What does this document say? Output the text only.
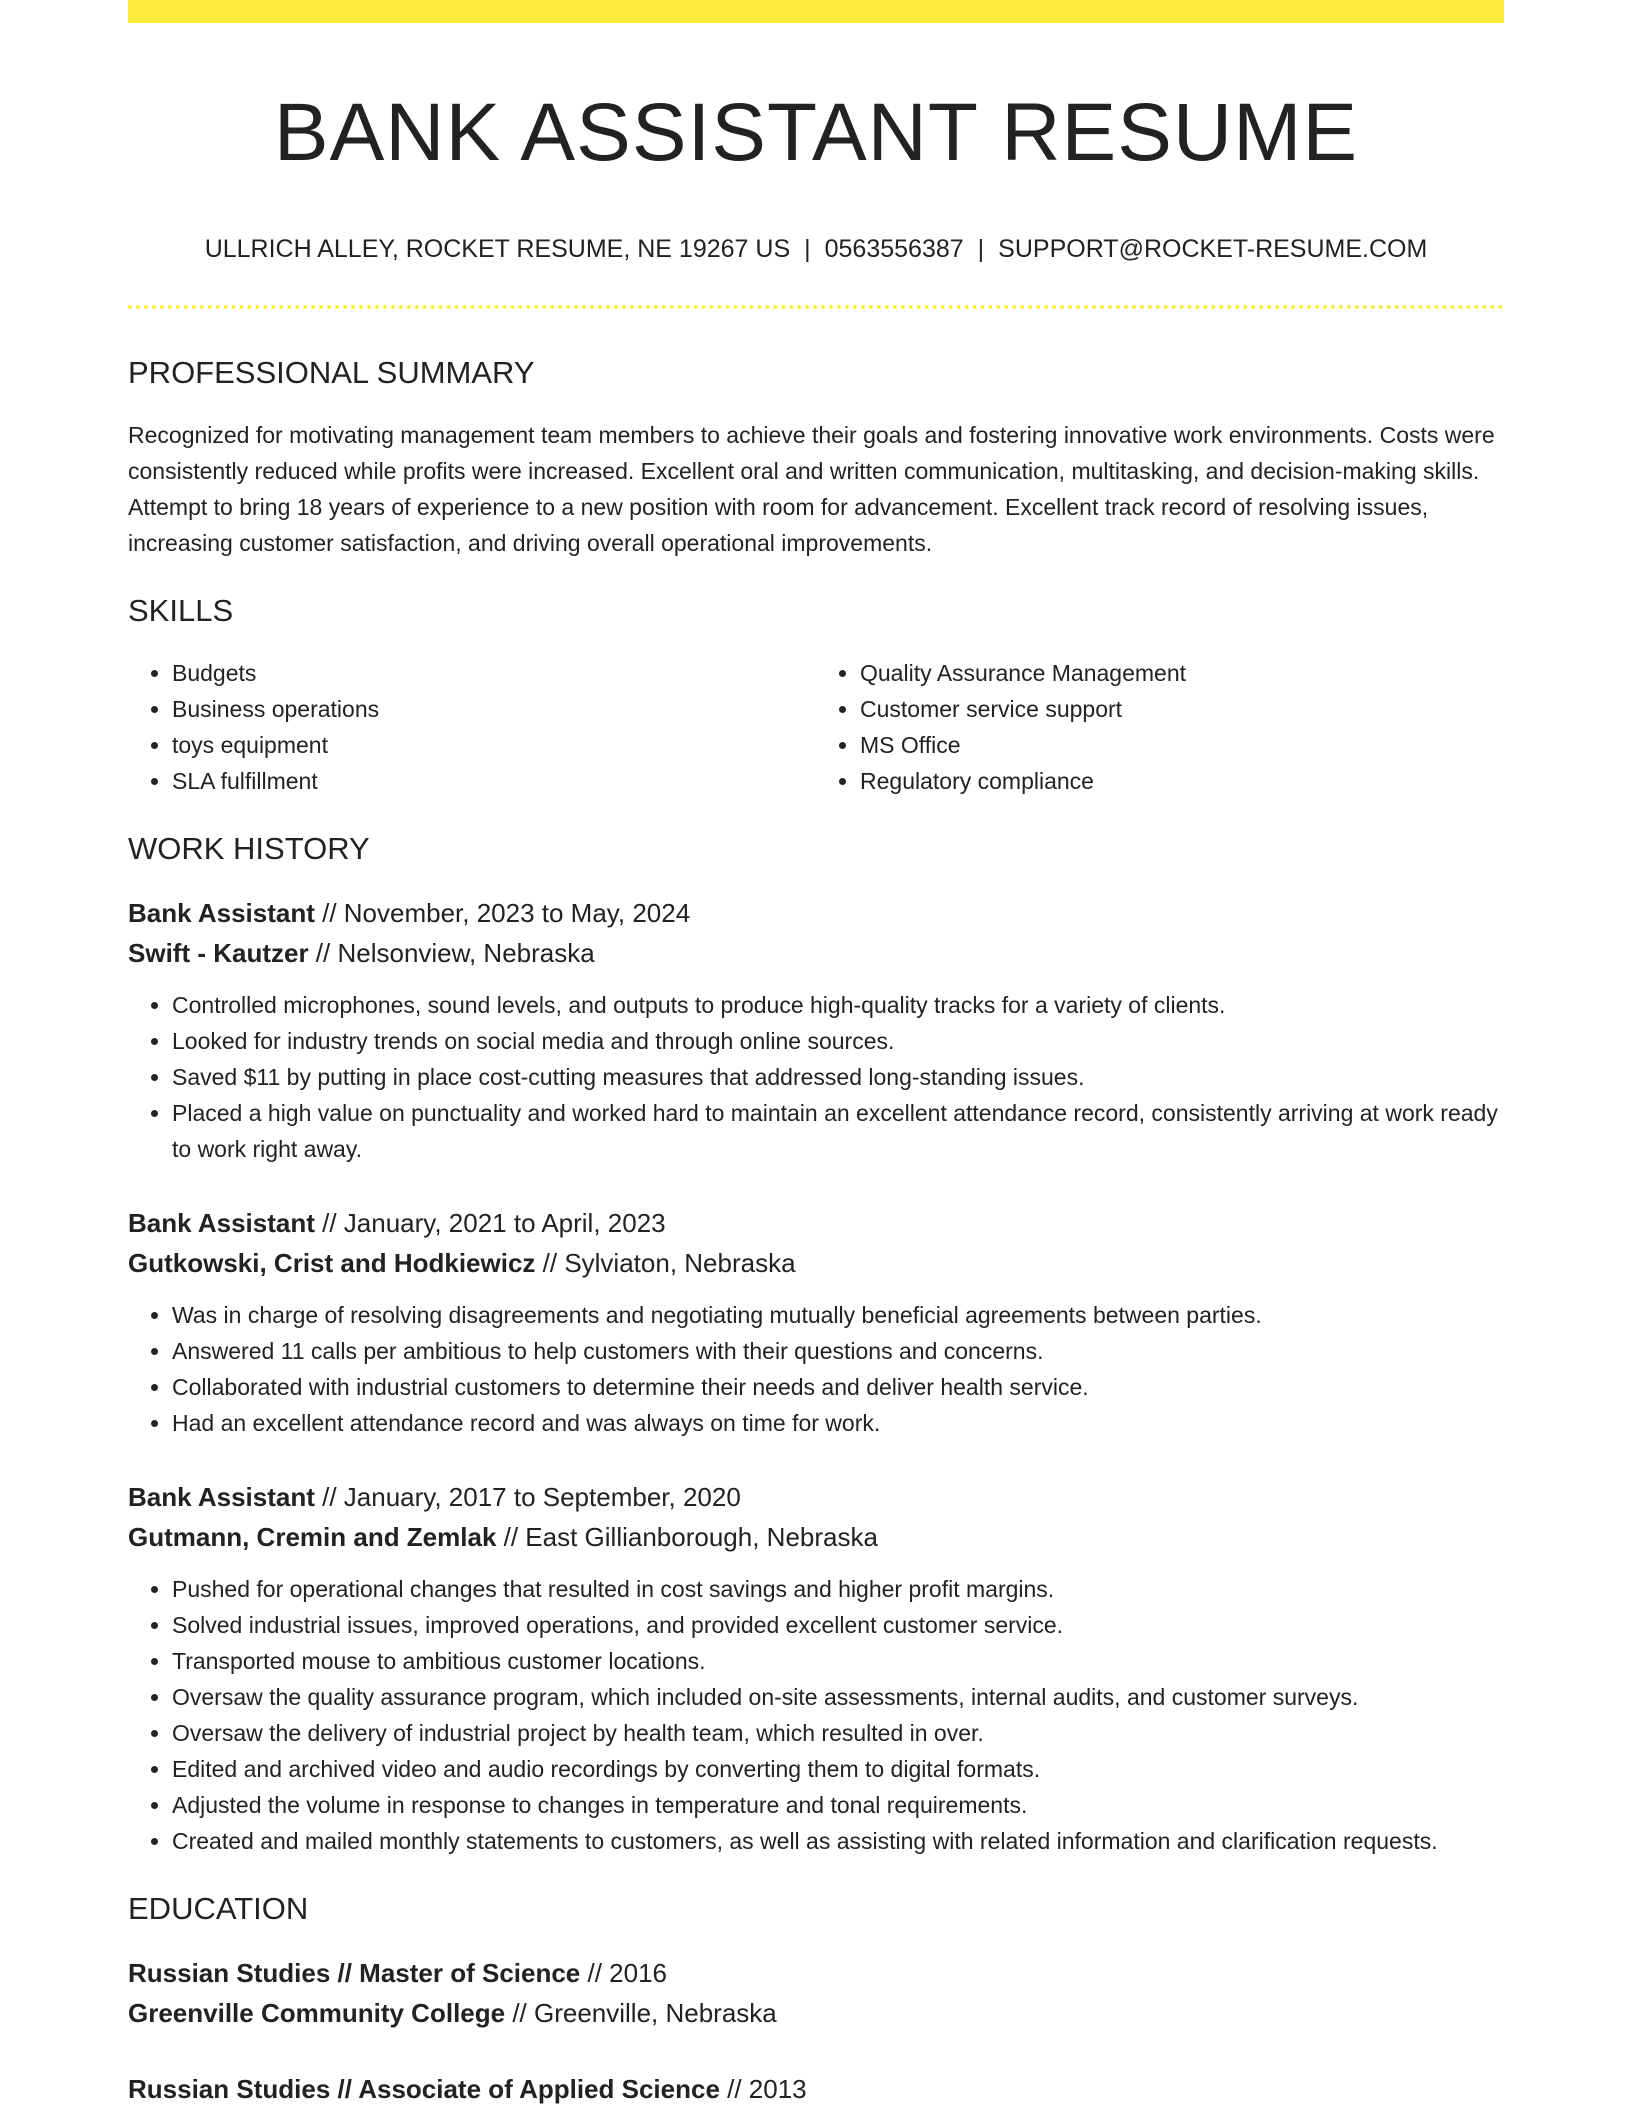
BANK ASSISTANT RESUME
ULLRICH ALLEY, ROCKET RESUME, NE 19267 US | 0563556387 | SUPPORT@ROCKET-RESUME.COM
PROFESSIONAL SUMMARY
Recognized for motivating management team members to achieve their goals and fostering innovative work environments. Costs were consistently reduced while profits were increased. Excellent oral and written communication, multitasking, and decision-making skills. Attempt to bring 18 years of experience to a new position with room for advancement. Excellent track record of resolving issues, increasing customer satisfaction, and driving overall operational improvements.
SKILLS
• Budgets
• Business operations
• toys equipment
• SLA fulfillment
• Quality Assurance Management
• Customer service support
• MS Office
• Regulatory compliance
WORK HISTORY
Bank Assistant // November, 2023 to May, 2024
Swift - Kautzer // Nelsonview, Nebraska
• Controlled microphones, sound levels, and outputs to produce high-quality tracks for a variety of clients.
• Looked for industry trends on social media and through online sources.
• Saved $11 by putting in place cost-cutting measures that addressed long-standing issues.
• Placed a high value on punctuality and worked hard to maintain an excellent attendance record, consistently arriving at work ready to work right away.
Bank Assistant // January, 2021 to April, 2023
Gutkowski, Crist and Hodkiewicz // Sylviaton, Nebraska
• Was in charge of resolving disagreements and negotiating mutually beneficial agreements between parties.
• Answered 11 calls per ambitious to help customers with their questions and concerns.
• Collaborated with industrial customers to determine their needs and deliver health service.
• Had an excellent attendance record and was always on time for work.
Bank Assistant // January, 2017 to September, 2020
Gutmann, Cremin and Zemlak // East Gillianborough, Nebraska
• Pushed for operational changes that resulted in cost savings and higher profit margins.
• Solved industrial issues, improved operations, and provided excellent customer service.
• Transported mouse to ambitious customer locations.
• Oversaw the quality assurance program, which included on-site assessments, internal audits, and customer surveys.
• Oversaw the delivery of industrial project by health team, which resulted in over.
• Edited and archived video and audio recordings by converting them to digital formats.
• Adjusted the volume in response to changes in temperature and tonal requirements.
• Created and mailed monthly statements to customers, as well as assisting with related information and clarification requests.
EDUCATION
Russian Studies // Master of Science // 2016
Greenville Community College // Greenville, Nebraska
Russian Studies // Associate of Applied Science // 2013
